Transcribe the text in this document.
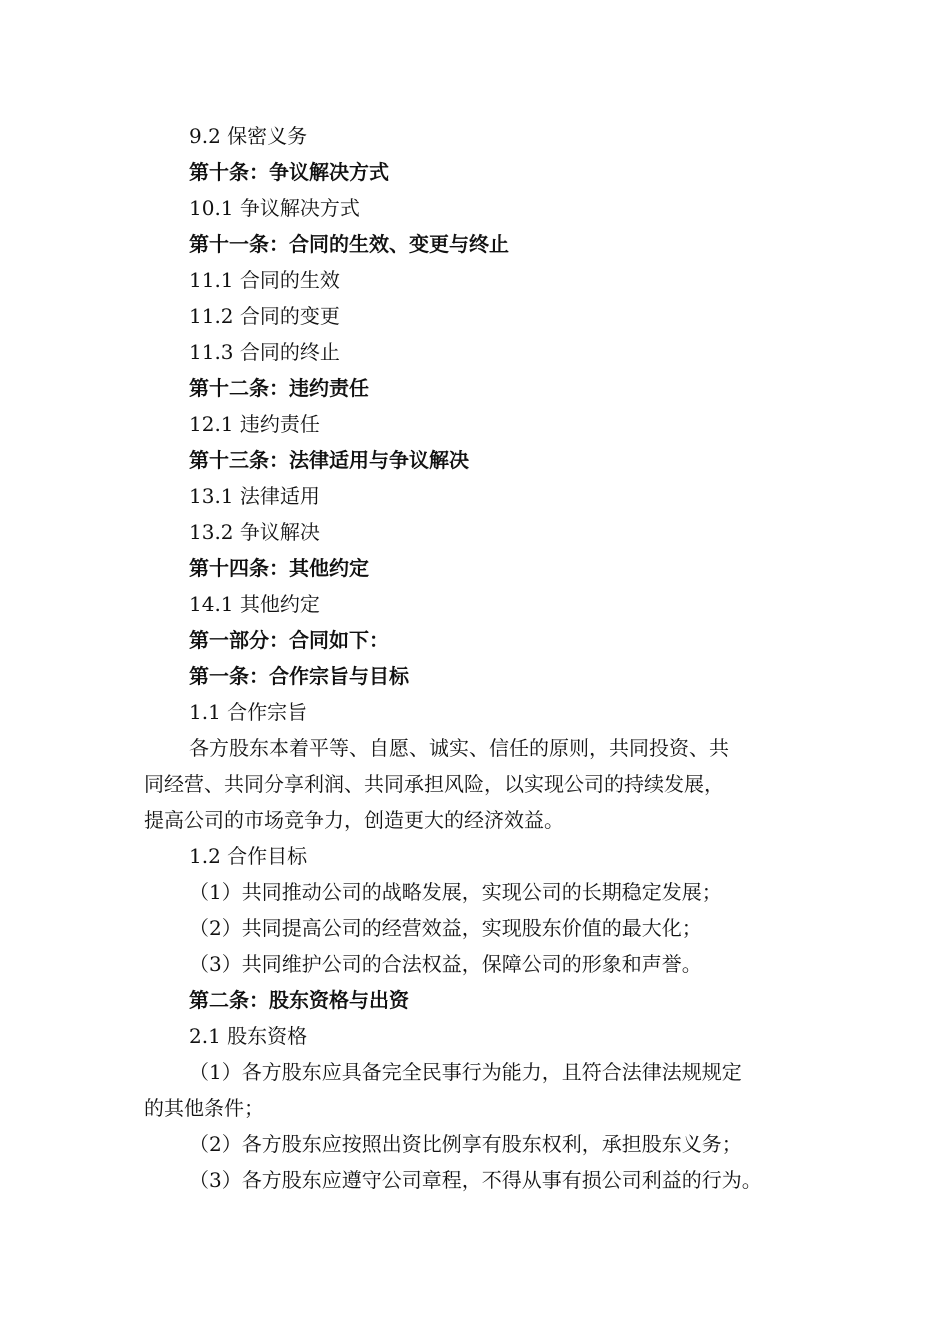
9.2 保密义务
第十条：争议解决方式
10.1 争议解决方式
第十一条：合同的生效、变更与终止
11.1 合同的生效
11.2 合同的变更
11.3 合同的终止
第十二条：违约责任
12.1 违约责任
第十三条：法律适用与争议解决
13.1 法律适用
13.2 争议解决
第十四条：其他约定
14.1 其他约定
第一部分：合同如下：
第一条：合作宗旨与目标
1.1 合作宗旨
各方股东本着平等、自愿、诚实、信任的原则，共同投资、共
同经营、共同分享利润、共同承担风险，以实现公司的持续发展，
提高公司的市场竞争力，创造更大的经济效益。
1.2 合作目标
（1）共同推动公司的战略发展，实现公司的长期稳定发展；
（2）共同提高公司的经营效益，实现股东价值的最大化；
（3）共同维护公司的合法权益，保障公司的形象和声誉。
第二条：股东资格与出资
2.1 股东资格
（1）各方股东应具备完全民事行为能力，且符合法律法规规定
的其他条件；
（2）各方股东应按照出资比例享有股东权利，承担股东义务；
（3）各方股东应遵守公司章程，不得从事有损公司利益的行为。
